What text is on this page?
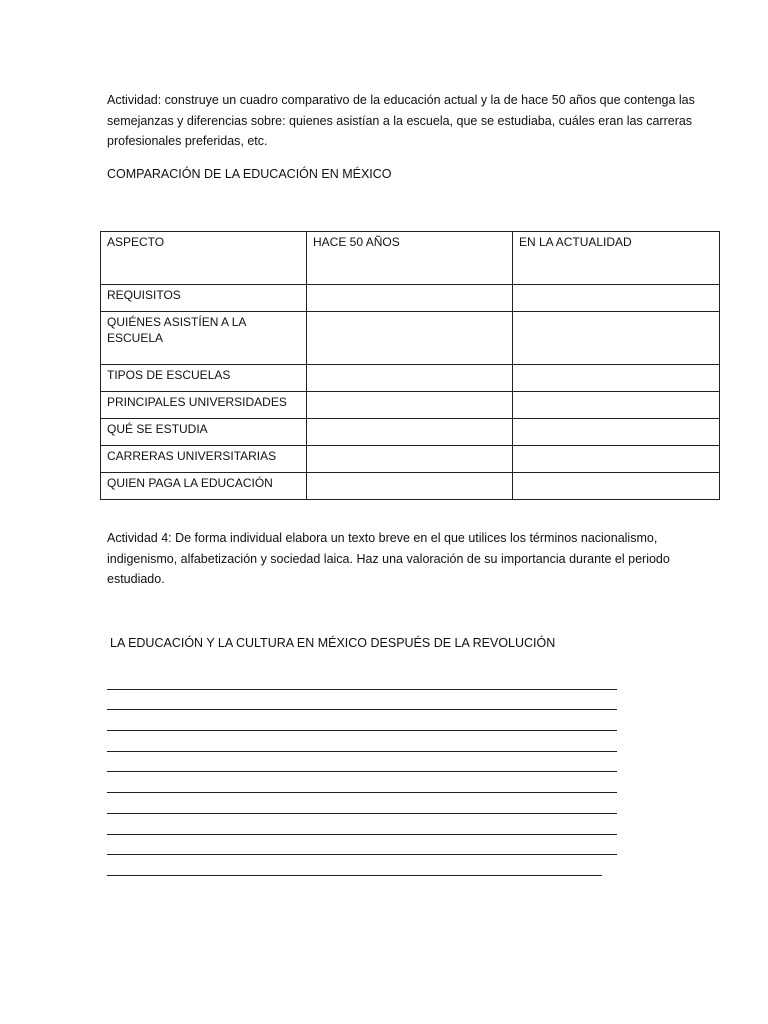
Actividad: construye un cuadro comparativo de la educación actual y la de hace 50 años que contenga las semejanzas y diferencias sobre: quienes asistían a la escuela, que se estudiaba, cuáles eran las carreras profesionales preferidas, etc.

COMPARACIÓN DE LA EDUCACIÓN EN MÉXICO

ASPECTO	HACE 50 AÑOS	EN LA ACTUALIDAD
REQUISITOS		
QUIÉNES ASISTÍEN A LA ESCUELA		
TIPOS DE ESCUELAS		
PRINCIPALES UNIVERSIDADES		
QUÉ SE ESTUDIA		
CARRERAS UNIVERSITARIAS		
QUIEN PAGA LA EDUCACIÓN		

Actividad 4: De forma individual elabora un texto breve en el que utilices los términos nacionalismo, indigenismo, alfabetización y sociedad laica. Haz una valoración de su importancia durante el periodo estudiado.

LA EDUCACIÓN Y LA CULTURA EN MÉXICO DESPUÉS DE LA REVOLUCIÓN
